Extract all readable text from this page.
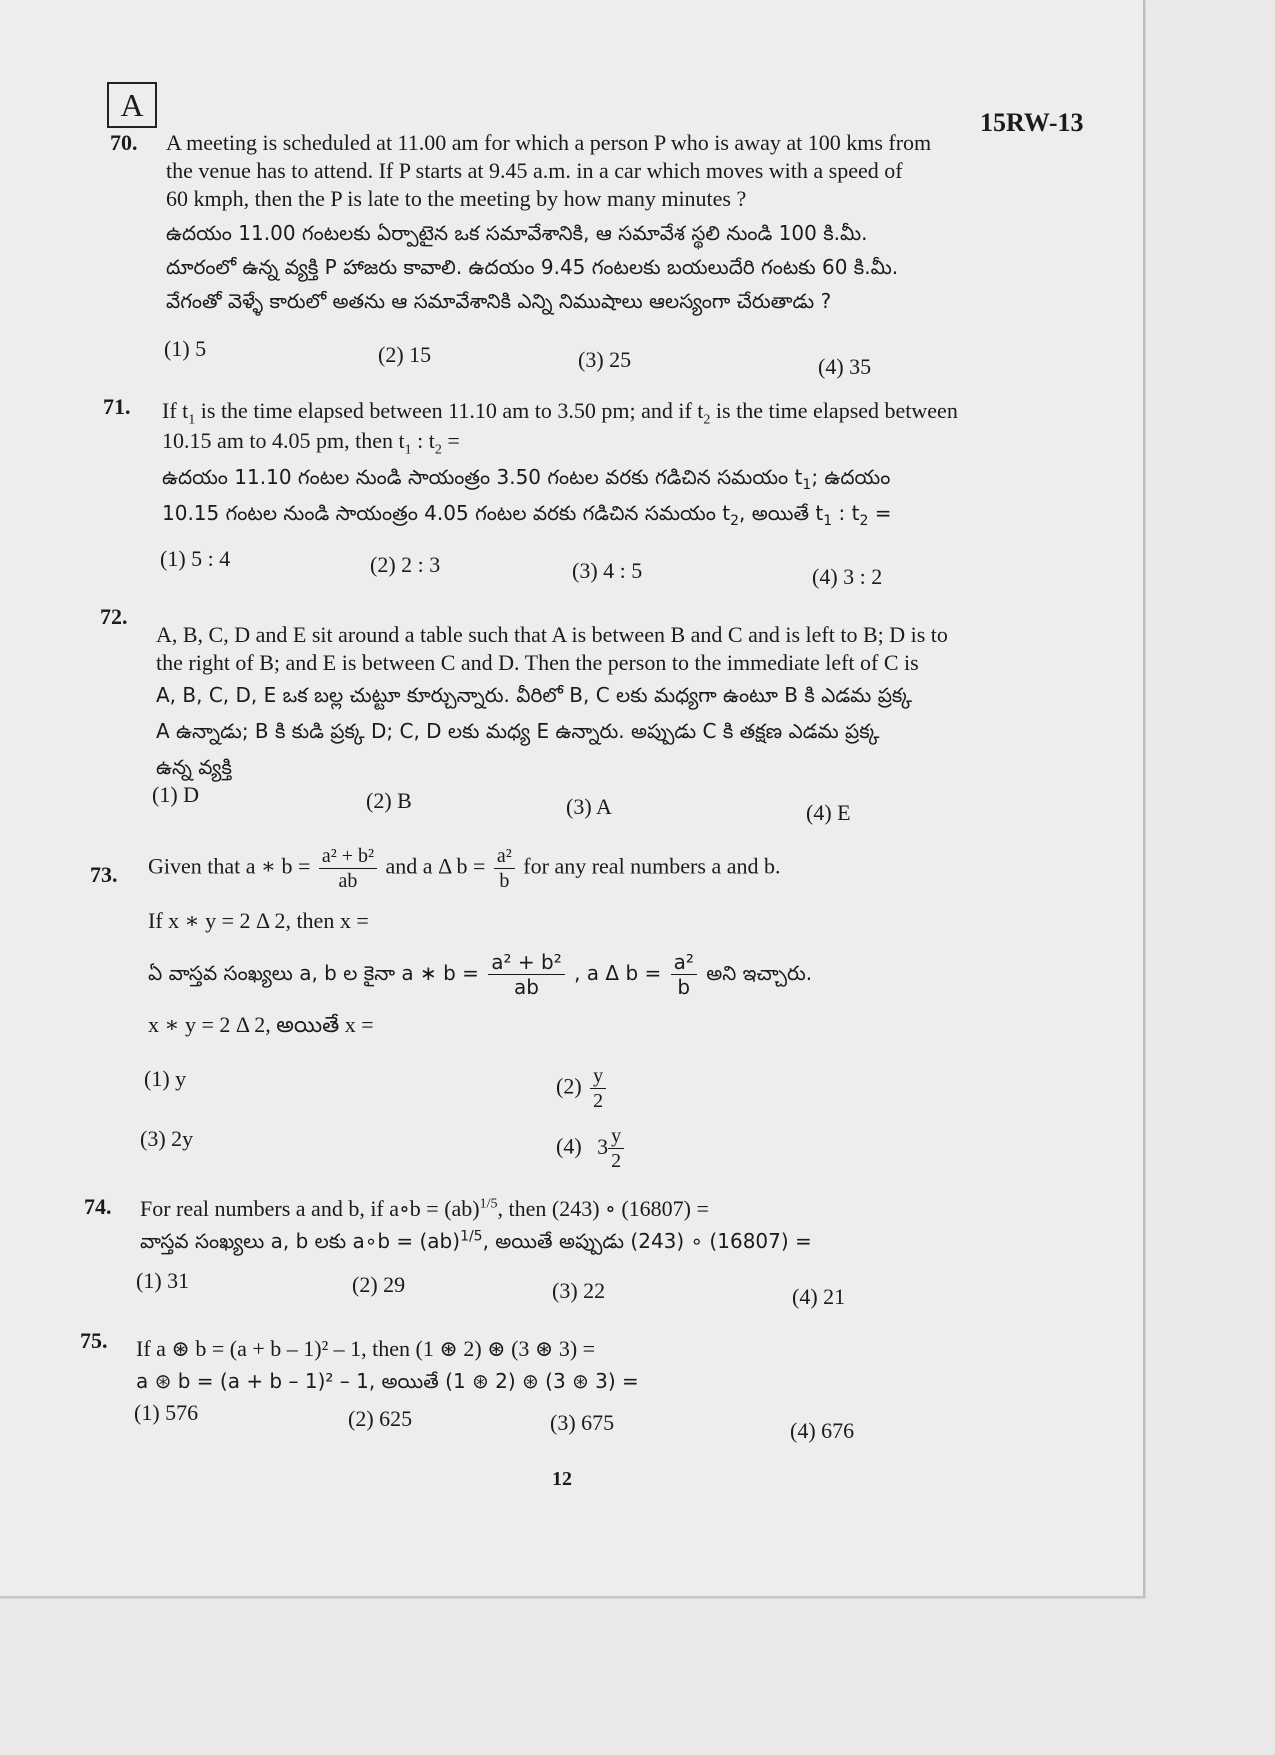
A	15RW-13
70. A meeting is scheduled at 11.00 am for which a person P who is away at 100 kms from
the venue has to attend. If P starts at 9.45 a.m. in a car which moves with a speed of
60 kmph, then the P is late to the meeting by how many minutes ?
ఉదయం 11.00 గంటలకు ఏర్పాటైన ఒక సమావేశానికి, ఆ సమావేశ స్థలి నుండి 100 కి.మీ.
దూరంలో ఉన్న వ్యక్తి P హాజరు కావాలి. ఉదయం 9.45 గంటలకు బయలుదేరి గంటకు 60 కి.మీ.
వేగంతో వెళ్ళే కారులో అతను ఆ సమావేశానికి ఎన్ని నిముషాలు ఆలస్యంగా చేరుతాడు ?
(1) 5	(2) 15	(3) 25	(4) 35
71. If $t_1$ is the time elapsed between 11.10 am to 3.50 pm; and if $t_2$ is the time elapsed between
10.15 am to 4.05 pm, then $t_1$ : $t_2$ =
ఉదయం 11.10 గంటల నుండి సాయంత్రం 3.50 గంటల వరకు గడిచిన సమయం $t_1$; ఉదయం
10.15 గంటల నుండి సాయంత్రం 4.05 గంటల వరకు గడిచిన సమయం $t_2$, అయితే $t_1$ : $t_2$ =
(1) 5 : 4	(2) 2 : 3	(3) 4 : 5	(4) 3 : 2
72.
A, B, C, D and E sit around a table such that A is between B and C and is left to B; D is to
the right of B; and E is between C and D. Then the person to the immediate left of C is
A, B, C, D, E ఒక బల్ల చుట్టూ కూర్చున్నారు. వీరిలో B, C లకు మధ్యగా ఉంటూ B కి ఎడమ ప్రక్క
A ఉన్నాడు; B కి కుడి ప్రక్క D; C, D లకు మధ్య E ఉన్నారు. అప్పుడు C కి తక్షణ ఎడమ ప్రక్క
ఉన్న వ్యక్తి
(1) D	(2) B	(3) A	(4) E
73. Given that a ∗ $b = \frac{\text{a² + b²}}{ab}$ and a Δ $b = \frac{\text{a²}}{b}$ for any real numbers a and b.
If x ∗ y = 2 Δ 2, then x =
ఏ వాస్తవ సంఖ్యలు a, b ల కైనా a ∗ $b = \frac{\text{a² + b²}}{ab}$ , a Δ $b = \frac{\text{a²}}{b}$ అని ఇచ్చారు.
x ∗ y = 2 Δ 2, అయితే x =
(1) y	$(2) \frac{y}{2}$
(3) 2y	(4) $3 \frac{y}{2}$
74. For real numbers a and b, if a∘b = (ab)$^{1/5}$, then (243) ∘ (16807) =
వాస్తవ సంఖ్యలు a, b లకు a∘b = (ab)$^{1/5}$, అయితే అప్పుడు (243) ∘ (16807) =
(1) 31	(2) 29	(3) 22	(4) 21
75. If a ⊛ b = (a + b – 1)² – 1, then (1 ⊛ 2) ⊛ (3 ⊛ 3) =
a ⊛ b = (a + b – 1)² – 1, అయితే (1 ⊛ 2) ⊛ (3 ⊛ 3) =
(1) 576	(2) 625	(3) 675	(4) 676
12
